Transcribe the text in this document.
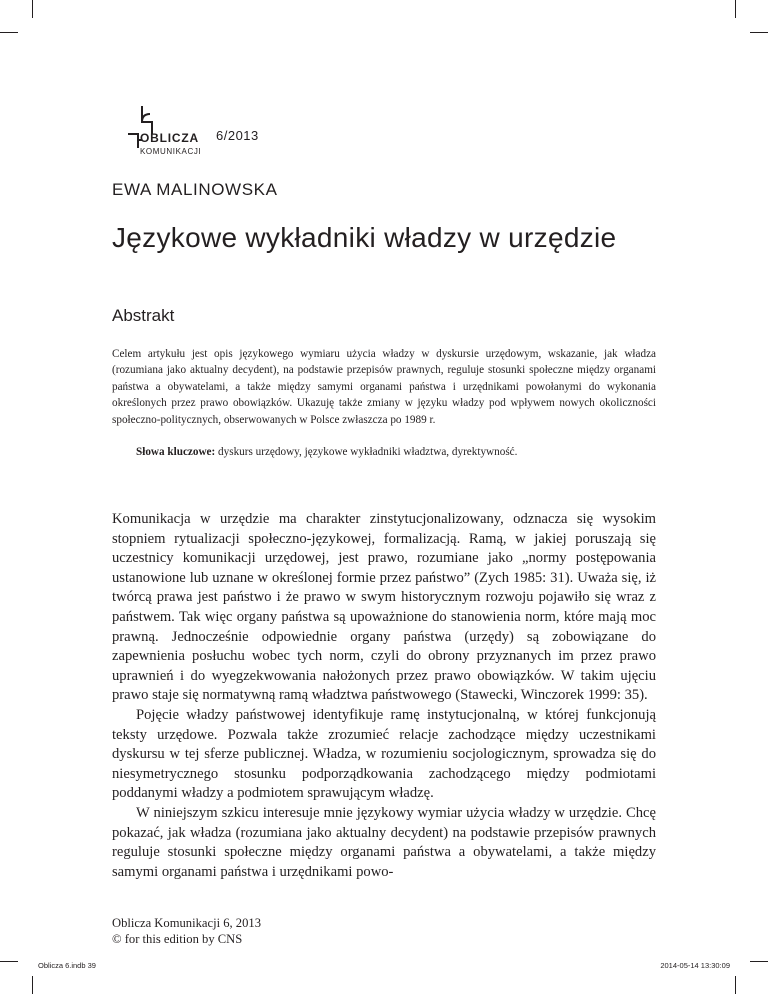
OBLICZA
KOMUNIKACJI
6/2013
EWA MALINOWSKA
Językowe wykładniki władzy w urzędzie
Abstrakt

Celem artykułu jest opis językowego wymiaru użycia władzy w dyskursie urzędowym, wskazanie, jak władza (rozumiana jako aktualny decydent), na podstawie przepisów prawnych, reguluje stosunki społeczne między organami państwa a obywatelami, a także między samymi organami państwa i urzędnikami powołanymi do wykonania określonych przez prawo obowiązków. Ukazuję także zmiany w języku władzy pod wpływem nowych okoliczności społeczno-politycznych, obserwowanych w Polsce zwłaszcza po 1989 r.

Słowa kluczowe: dyskurs urzędowy, językowe wykładniki władztwa, dyrektywność.

Komunikacja w urzędzie ma charakter zinstytucjonalizowany, odznacza się wysokim stopniem rytualizacji społeczno-językowej, formalizacją. Ramą, w jakiej poruszają się uczestnicy komunikacji urzędowej, jest prawo, rozumiane jako „normy postępowania ustanowione lub uznane w określonej formie przez państwo” (Zych 1985: 31). Uważa się, iż twórcą prawa jest państwo i że prawo w swym historycznym rozwoju pojawiło się wraz z państwem. Tak więc organy państwa są upoważnione do stanowienia norm, które mają moc prawną. Jednocześnie odpowiednie organy państwa (urzędy) są zobowiązane do zapewnienia posłuchu wobec tych norm, czyli do obrony przyznanych im przez prawo uprawnień i do wyegzekwowania nałożonych przez prawo obowiązków. W takim ujęciu prawo staje się normatywną ramą władztwa państwowego (Stawecki, Winczorek 1999: 35).

Pojęcie władzy państwowej identyfikuje ramę instytucjonalną, w której funkcjonują teksty urzędowe. Pozwala także zrozumieć relacje zachodzące między uczestnikami dyskursu w tej sferze publicznej. Władza, w rozumieniu socjologicznym, sprowadza się do niesymetrycznego stosunku podporządkowania zachodzącego między podmiotami poddanymi władzy a podmiotem sprawującym władzę.

W niniejszym szkicu interesuje mnie językowy wymiar użycia władzy w urzędzie. Chcę pokazać, jak władza (rozumiana jako aktualny decydent) na podstawie przepisów prawnych reguluje stosunki społeczne między organami państwa a obywatelami, a także między samymi organami państwa i urzędnikami powo-

Oblicza Komunikacji 6, 2013
© for this edition by CNS
Oblicza 6.indb 39	2014-05-14 13:30:09
